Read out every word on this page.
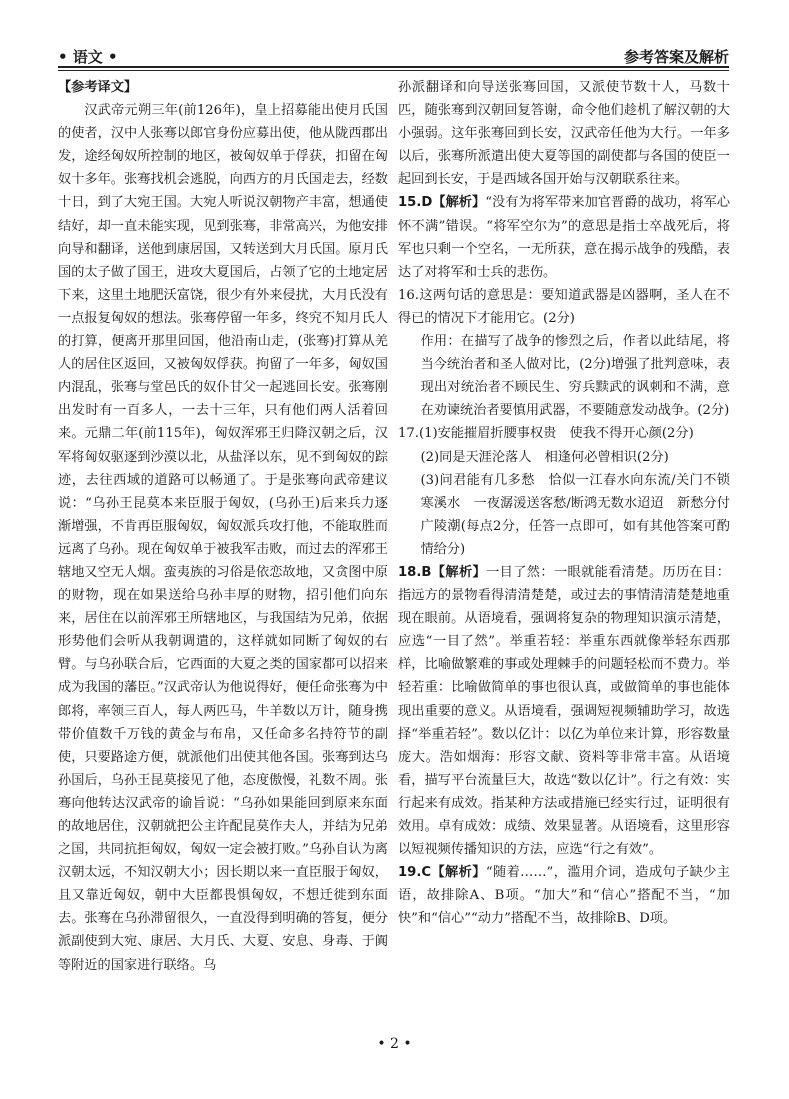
• 语文 •	参考答案及解析

【参考译文】

汉武帝元朔三年(前126年)，皇上招募能出使月氏国的使者，汉中人张骞以郎官身份应募出使，他从陇西郡出发，途经匈奴所控制的地区，被匈奴单于俘获，扣留在匈奴十多年。张骞找机会逃脱，向西方的月氏国走去，经数十日，到了大宛王国。大宛人听说汉朝物产丰富，想通使结好，却一直未能实现，见到张骞，非常高兴，为他安排向导和翻译，送他到康居国，又转送到大月氏国。原月氏国的太子做了国王，进攻大夏国后，占领了它的土地定居下来，这里土地肥沃富饶，很少有外来侵扰，大月氏没有一点报复匈奴的想法。张骞停留一年多，终究不知月氏人的打算，便离开那里回国，他沿南山走，(张骞)打算从羌人的居住区返回，又被匈奴俘获。拘留了一年多，匈奴国内混乱，张骞与堂邑氏的奴仆甘父一起逃回长安。张骞刚出发时有一百多人，一去十三年，只有他们两人活着回来。元鼎二年(前115年)，匈奴浑邪王归降汉朝之后，汉军将匈奴驱逐到沙漠以北，从盐泽以东，见不到匈奴的踪迹，去往西域的道路可以畅通了。于是张骞向武帝建议说：“乌孙王昆莫本来臣服于匈奴，(乌孙王)后来兵力逐渐增强，不肯再臣服匈奴，匈奴派兵攻打他，不能取胜而远离了乌孙。现在匈奴单于被我军击败，而过去的浑邪王辖地又空无人烟。蛮夷族的习俗是依恋故地，又贪图中原的财物，现在如果送给乌孙丰厚的财物，招引他们向东来，居住在以前浑邪王所辖地区，与我国结为兄弟，依据形势他们会听从我朝调遣的，这样就如同断了匈奴的右臂。与乌孙联合后，它西面的大夏之类的国家都可以招来成为我国的藩臣。”汉武帝认为他说得好，便任命张骞为中郎将，率领三百人，每人两匹马，牛羊数以万计，随身携带价值数千万钱的黄金与布帛，又任命多名持符节的副使，只要路途方便，就派他们出使其他各国。张骞到达乌孙国后，乌孙王昆莫接见了他，态度傲慢，礼数不周。张骞向他转达汉武帝的谕旨说：“乌孙如果能回到原来东面的故地居住，汉朝就把公主许配昆莫作夫人，并结为兄弟之国，共同抗拒匈奴，匈奴一定会被打败。”乌孙自认为离汉朝太远，不知汉朝大小；因长期以来一直臣服于匈奴，且又靠近匈奴，朝中大臣都畏惧匈奴，不想迁徙到东面去。张骞在乌孙滞留很久，一直没得到明确的答复，便分派副使到大宛、康居、大月氏、大夏、安息、身毒、于阗等附近的国家进行联络。乌

孙派翻译和向导送张骞回国，又派使节数十人，马数十匹，随张骞到汉朝回复答谢，命令他们趁机了解汉朝的大小强弱。这年张骞回到长安，汉武帝任他为大行。一年多以后，张骞所派遣出使大夏等国的副使都与各国的使臣一起回到长安，于是西域各国开始与汉朝联系往来。

15.D【解析】“没有为将军带来加官晋爵的战功，将军心怀不满”错误。“将军空尔为”的意思是指士卒战死后，将军也只剩一个空名，一无所获，意在揭示战争的残酷，表达了对将军和士兵的悲伤。
16.这两句话的意思是：要知道武器是凶器啊，圣人在不得已的情况下才能用它。(2分)
作用：在描写了战争的惨烈之后，作者以此结尾，将当今统治者和圣人做对比，(2分)增强了批判意味，表现出对统治者不顾民生、穷兵黩武的讽刺和不满，意在劝谏统治者要慎用武器，不要随意发动战争。(2分)
17.(1)安能摧眉折腰事权贵　使我不得开心颜(2分)
(2)同是天涯沦落人　相逢何必曾相识(2分)
(3)问君能有几多愁　恰似一江春水向东流/关门不锁寒溪水　一夜潺湲送客愁/断鸿无数水迢迢　新愁分付广陵潮(每点2分，任答一点即可，如有其他答案可酌情给分)
18.B【解析】一目了然：一眼就能看清楚。历历在目：指远方的景物看得清清楚楚，或过去的事情清清楚楚地重现在眼前。从语境看，强调将复杂的物理知识演示清楚，应选“一目了然”。举重若轻：举重东西就像举轻东西那样，比喻做繁难的事或处理棘手的问题轻松而不费力。举轻若重：比喻做简单的事也很认真，或做简单的事也能体现出重要的意义。从语境看，强调短视频辅助学习，故选择“举重若轻”。数以亿计：以亿为单位来计算，形容数量庞大。浩如烟海：形容文献、资料等非常丰富。从语境看，描写平台流量巨大，故选“数以亿计”。行之有效：实行起来有成效。指某种方法或措施已经实行过，证明很有效用。卓有成效：成绩、效果显著。从语境看，这里形容以短视频传播知识的方法，应选“行之有效”。
19.C【解析】“随着……”，滥用介词，造成句子缺少主语，故排除A、B项。“加大”和“信心”搭配不当，“加快”和“信心”“动力”搭配不当，故排除B、D项。
• 2 •
